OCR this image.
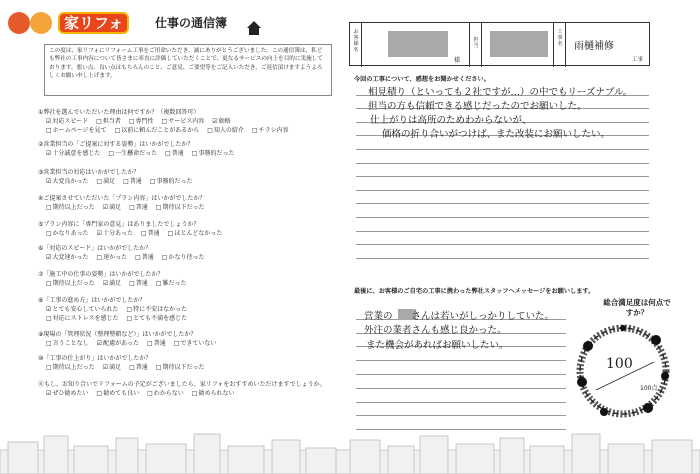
家リフォ	仕事の通信簿
この度は、家リフォにリフォーム工事をご用命いただき、誠にありがとうございました。この通信簿は、私ども弊社の工事内容について皆さまに率直に評価していただくことで、更なるサービスの向上を目的に実施しております。悪い点、良い点はもちろんのこと、ご意見、ご要望等をご記入いただき、ご返信頂けますようよろしくお願い申し上げます。
①弊社を選んでいただいた理由は何ですか？（複数回答可）
☑ 対応スピード □ 担当者 □ 専門性 □ サービス内容 ☑ 価格
□ ホームページを見て □ 以前に頼んだことがあるから □ 知人の紹介 □ チラシ内容
②営業担当の「ご提案に対する姿勢」はいかがでしたか？
☑ 十分誠意を感じた □ 一生懸命だった □ 普通 □ 事務的だった
③営業担当の対応はいかがでしたか？
☑ 大変良かった □ 満足 □ 普通 □ 事務的だった
④ご提案させていただいた「プラン内容」はいかがでしたか？
□ 期待以上だった ☑ 満足 □ 普通 □ 期待以下だった
⑤プラン内容に「専門家の意見」はありましたでしょうか？
□ かなりあった ☑ 十分あった □ 普通 □ ほとんどなかった
⑥「対応のスピード」はいかがでしたか？
☑ 大変速かった □ 速かった □ 普通 □ かなり待った
⑦「施工中の仕事の姿勢」はいかがでしたか？
□ 期待以上だった ☑ 満足 □ 普通 □ 雑だった
⑧「工事の進め方」はいかがでしたか？
☑ とても安心していられた □ 特に不安はなかった
□ 対応にストレスを感じた □ とても不満を感じた
⑨現場の「管理状況（整理整頓など）」はいかがでしたか？
□ 言うことなし ☑ 配慮があった □ 普通 □ できていない
⑩「工事の仕上がり」はいかがでしたか？
□ 期待以上だった ☑ 満足 □ 普通 □ 期待以下だった
⑪もし、お知り合いでリフォームの予定がございましたら、家リフォをおすすめいただけますでしょうか。
☑ ぜひ勧めたい □ 勧めても良い □ わからない □ 勧められない
お客様名
様
担当
工事名 雨樋補修
工事
今回の工事について、感想をお聞かせください。
相見積り（といっても２社ですが…）の中でもリーズナブル。
担当の方も信頼できる感じだったのでお願いした。
仕上がりは高所のためわからないが、
価格の折り合いがつけば、また改装にお願いしたい。
最後に、お客様のご自宅の工事に携わった弊社スタッフへメッセージをお願いします。
営業の　　さんは若いがしっかりしていた。
外注の業者さんも感じ良かった。
また機会があればお願いしたい。
総合満足度は何点ですか？
100
100点
